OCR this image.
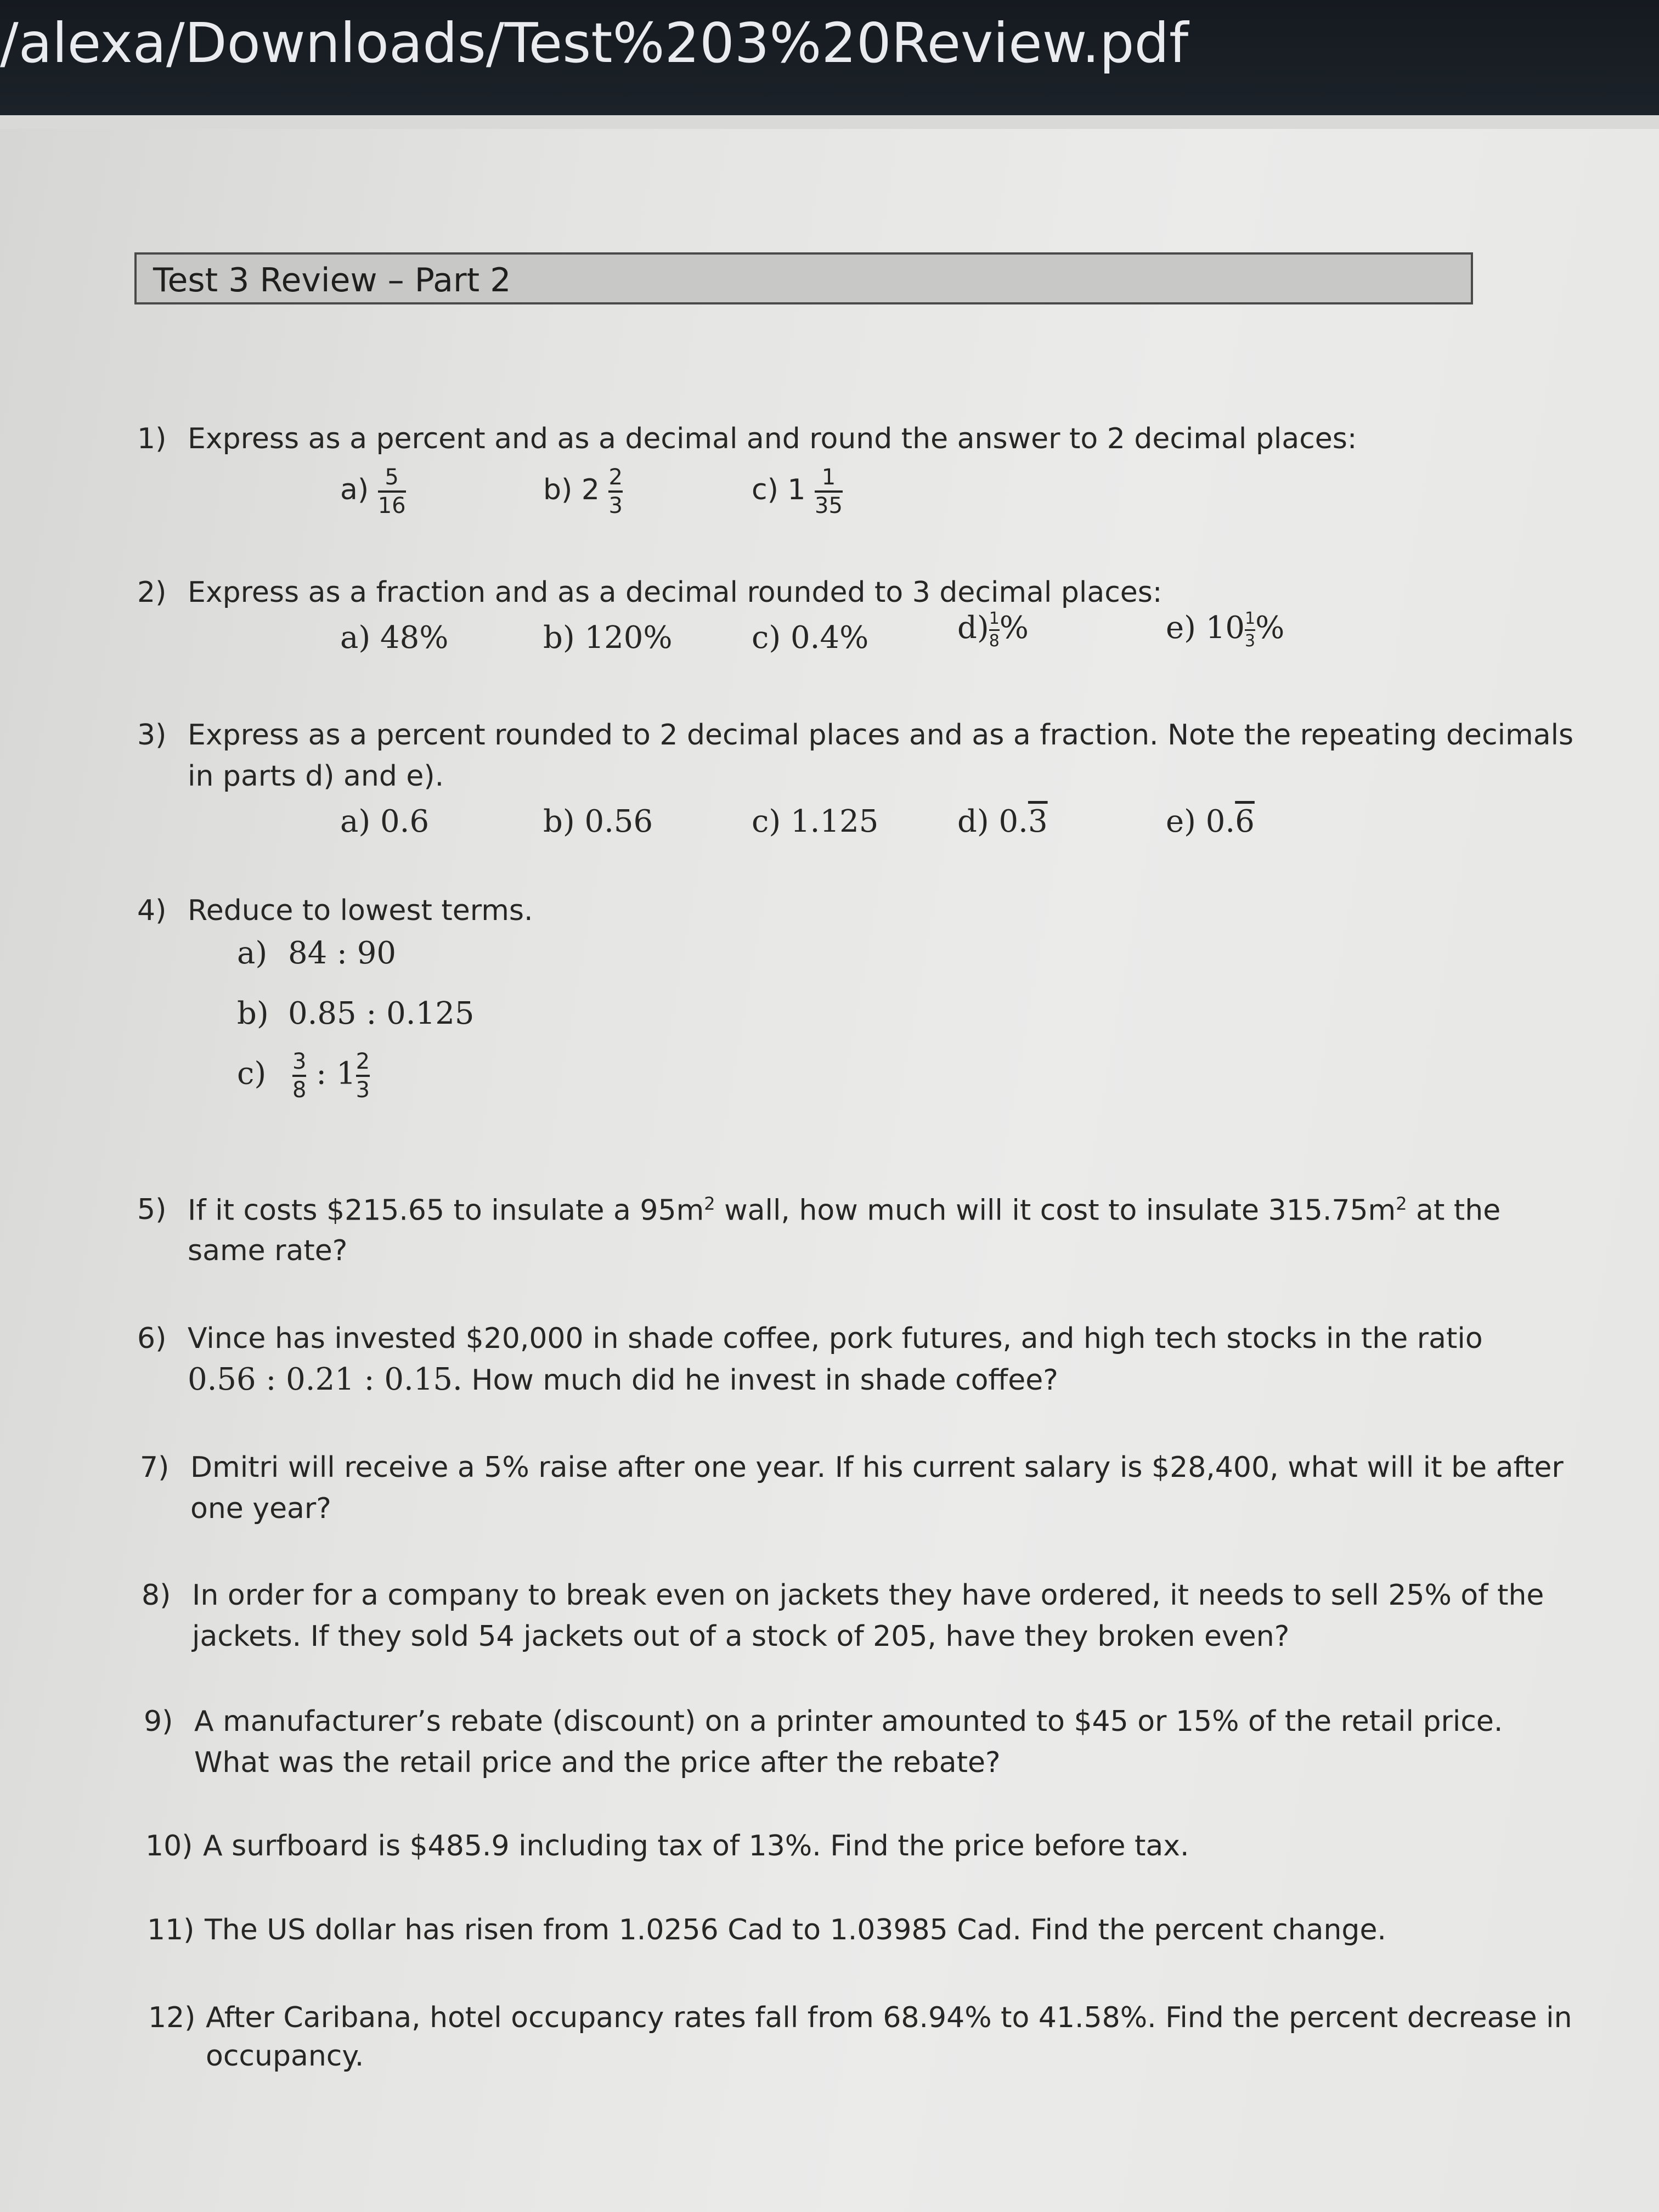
/alexa/Downloads/Test%203%20Review.pdf
Test 3 Review – Part 2
1) Express as a percent and as a decimal and round the answer to 2 decimal places:
$a) \frac{5}{16}$	b) $2 \frac{2}{3}$	c) $1 \frac{1}{35}$
2) Express as a fraction and as a decimal rounded to 3 decimal places:
a) 48%	b) 120%	c) 0.4%	$d) \frac{1}{8}$ %	e) $10 \frac{1}{3}$ %
3) Express as a percent rounded to 2 decimal places and as a fraction. Note the repeating decimals
in parts d) and e).
a) 0.6	b) 0.56	c) 1.125	d) 0.3	e) 0.6
4) Reduce to lowest terms.
a) 84 : 90
b) 0.85 : 0.125
$c) \frac{3}{8}$ : $1 \frac{2}{3}$
5) If it costs $215.65 to insulate a $95m^2$ wall, how much will it cost to insulate $315.75m^2$ at the
same rate?
6) Vince has invested $20,000 in shade coffee, pork futures, and high tech stocks in the ratio
0.56 : 0.21 : 0.15. How much did he invest in shade coffee?
7) Dmitri will receive a 5% raise after one year. If his current salary is $28,400, what will it be after
one year?
8) In order for a company to break even on jackets they have ordered, it needs to sell 25% of the
jackets. If they sold 54 jackets out of a stock of 205, have they broken even?
9) A manufacturer’s rebate (discount) on a printer amounted to $45 or 15% of the retail price.
What was the retail price and the price after the rebate?
10) A surfboard is $485.9 including tax of 13%. Find the price before tax.
11) The US dollar has risen from 1.0256 Cad to 1.03985 Cad. Find the percent change.
12) After Caribana, hotel occupancy rates fall from 68.94% to 41.58%. Find the percent decrease in
occupancy.
